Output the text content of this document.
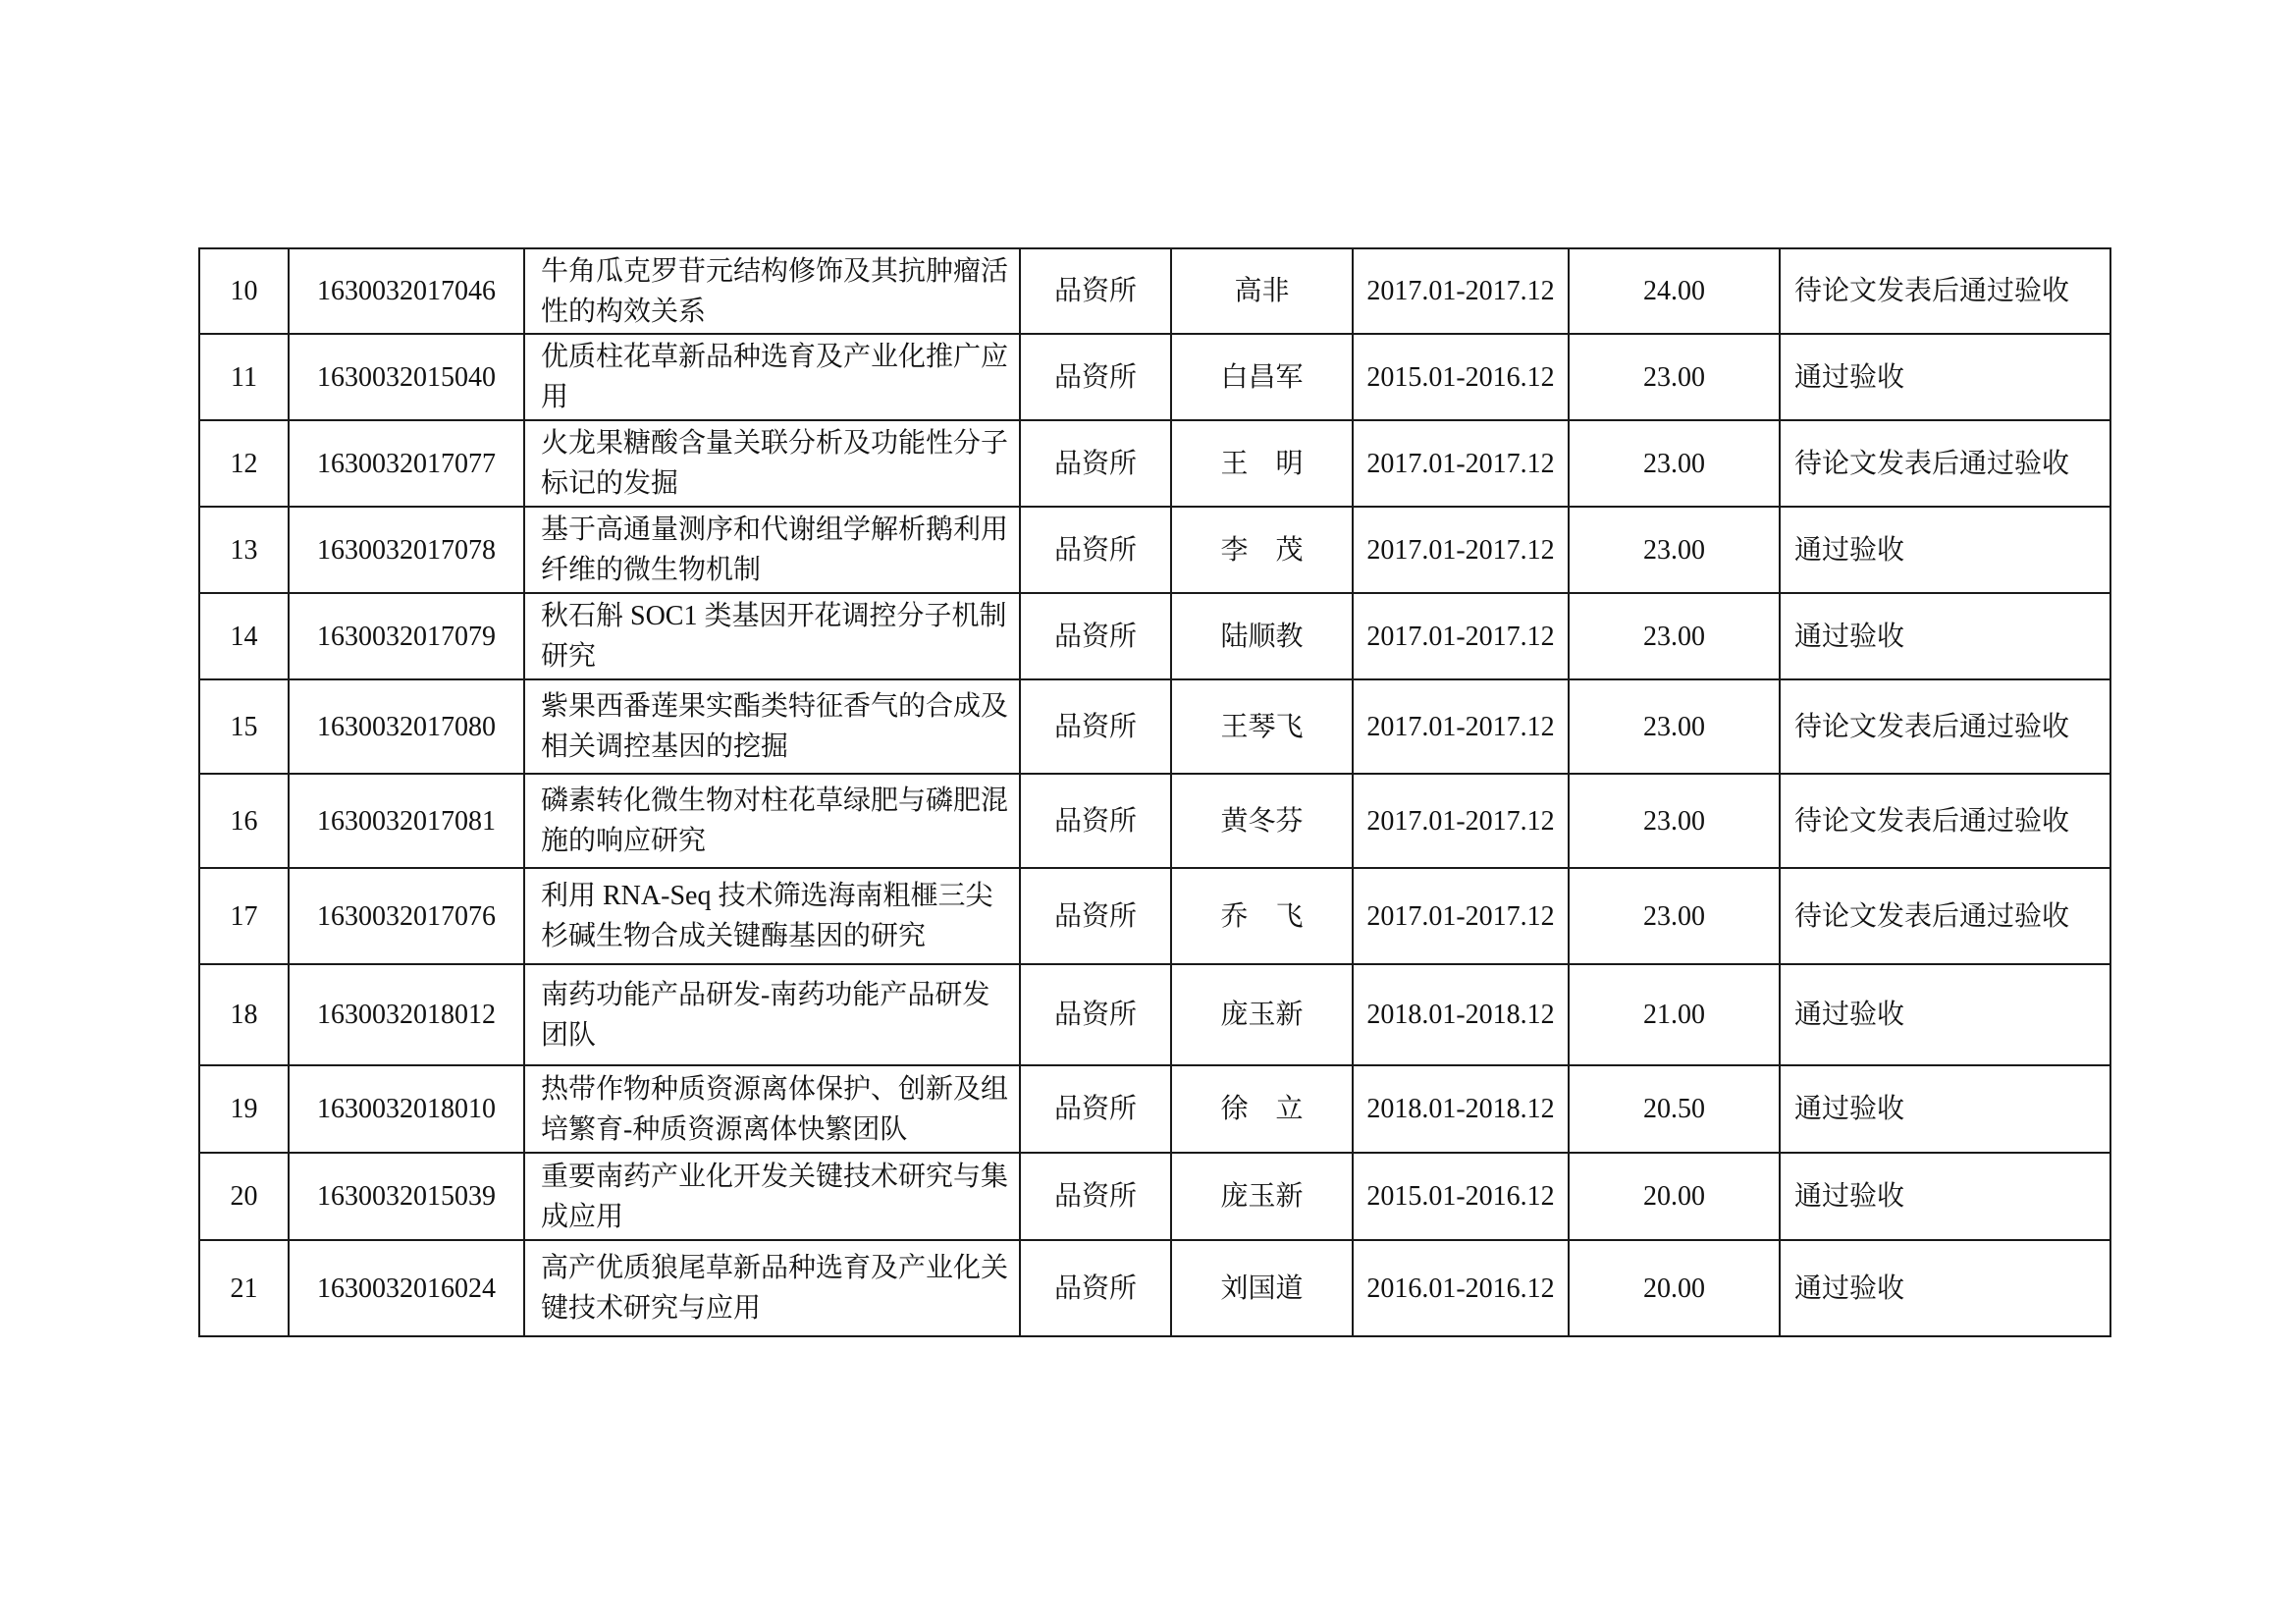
10	1630032017046	牛角瓜克罗苷元结构修饰及其抗肿瘤活性的构效关系	品资所	高非	2017.01-2017.12	24.00	待论文发表后通过验收
11	1630032015040	优质柱花草新品种选育及产业化推广应用	品资所	白昌军	2015.01-2016.12	23.00	通过验收
12	1630032017077	火龙果糖酸含量关联分析及功能性分子标记的发掘	品资所	王　明	2017.01-2017.12	23.00	待论文发表后通过验收
13	1630032017078	基于高通量测序和代谢组学解析鹅利用纤维的微生物机制	品资所	李　茂	2017.01-2017.12	23.00	通过验收
14	1630032017079	秋石斛 SOC1 类基因开花调控分子机制研究	品资所	陆顺教	2017.01-2017.12	23.00	通过验收
15	1630032017080	紫果西番莲果实酯类特征香气的合成及相关调控基因的挖掘	品资所	王琴飞	2017.01-2017.12	23.00	待论文发表后通过验收
16	1630032017081	磷素转化微生物对柱花草绿肥与磷肥混施的响应研究	品资所	黄冬芬	2017.01-2017.12	23.00	待论文发表后通过验收
17	1630032017076	利用 RNA-Seq 技术筛选海南粗榧三尖杉碱生物合成关键酶基因的研究	品资所	乔　飞	2017.01-2017.12	23.00	待论文发表后通过验收
18	1630032018012	南药功能产品研发-南药功能产品研发团队	品资所	庞玉新	2018.01-2018.12	21.00	通过验收
19	1630032018010	热带作物种质资源离体保护、创新及组培繁育-种质资源离体快繁团队	品资所	徐　立	2018.01-2018.12	20.50	通过验收
20	1630032015039	重要南药产业化开发关键技术研究与集成应用	品资所	庞玉新	2015.01-2016.12	20.00	通过验收
21	1630032016024	高产优质狼尾草新品种选育及产业化关键技术研究与应用	品资所	刘国道	2016.01-2016.12	20.00	通过验收
